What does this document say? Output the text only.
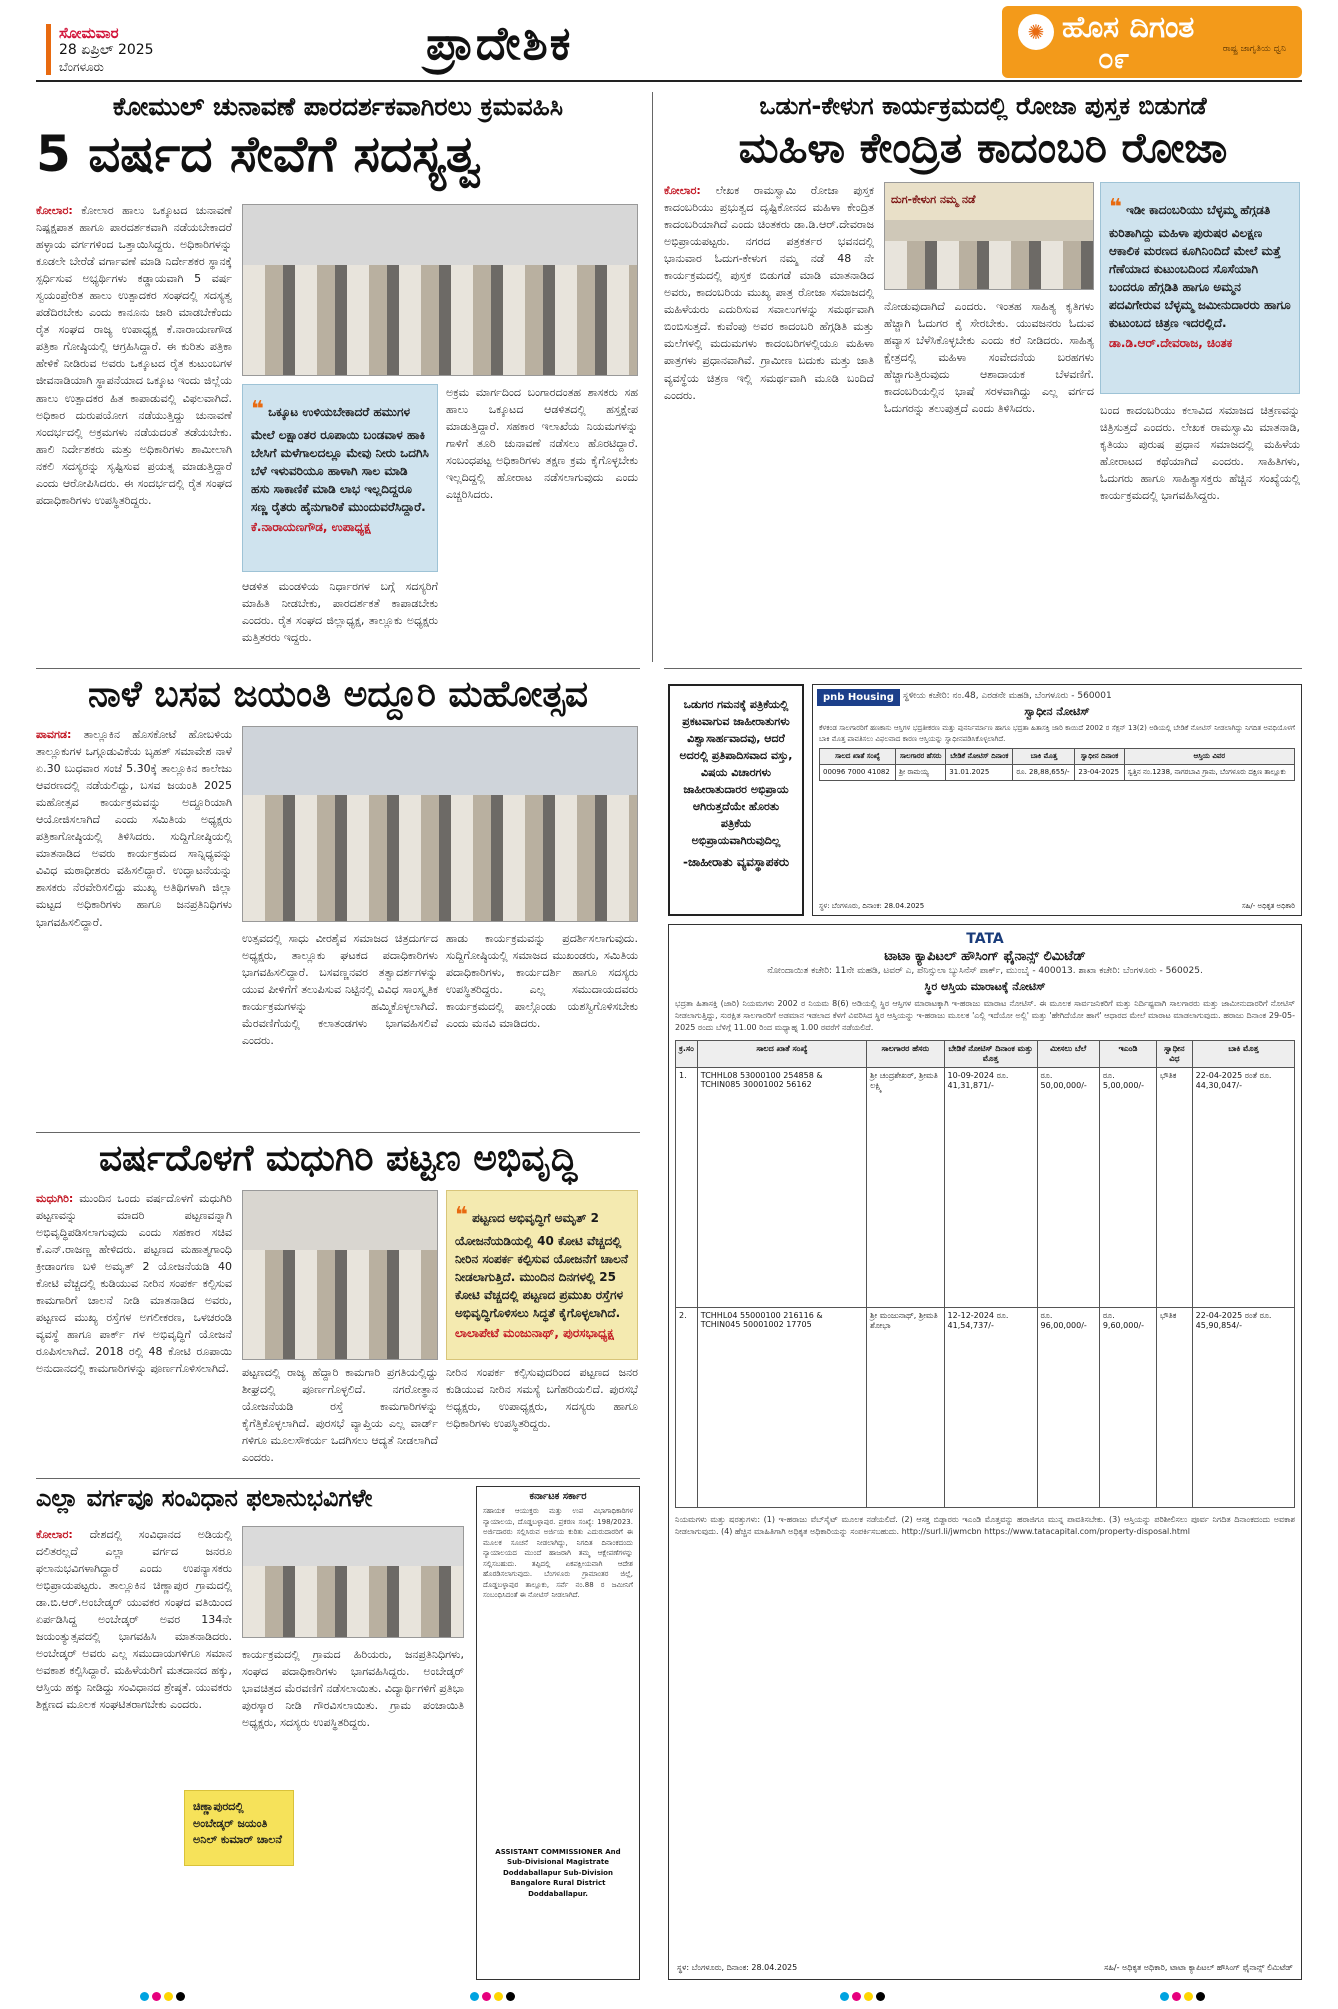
ಸೋಮವಾರ
28 ಏಪ್ರಿಲ್ 2025
ಬೆಂಗಳೂರು	ಪ್ರಾದೇಶಿಕ	✺ ಹೊಸ ದಿಗಂತ
೦೯	ರಾಷ್ಟ್ರ ಜಾಗೃತಿಯ ಧ್ವನಿ
ಕೋಮುಲ್ ಚುನಾವಣೆ ಪಾರದರ್ಶಕವಾಗಿರಲು ಕ್ರಮವಹಿಸಿ
5 ವರ್ಷದ ಸೇವೆಗೆ ಸದಸ್ಯತ್ವ
ಕೋಲಾರ: ಕೋಲಾರ ಹಾಲು ಒಕ್ಕೂಟದ ಚುನಾವಣೆ ನಿಷ್ಪಕ್ಷಪಾತ ಹಾಗೂ ಪಾರದರ್ಶಕವಾಗಿ ನಡೆಯಬೇಕಾದರೆ ಹಳ್ಳಾಯ ವರ್ಗಗಳಿಂದ ಒತ್ತಾಯಿಸಿದ್ದರು. ಅಧಿಕಾರಿಗಳನ್ನು ಕೂಡಲೇ ಬೇರೆಡೆ ವರ್ಗಾವಣೆ ಮಾಡಿ ನಿರ್ದೇಶಕರ ಸ್ಥಾನಕ್ಕೆ ಸ್ಪರ್ಧಿಸುವ ಅಭ್ಯರ್ಥಿಗಳು ಕಡ್ಡಾಯವಾಗಿ 5 ವರ್ಷ ಸ್ವಯಂಪ್ರೇರಿತ ಹಾಲು ಉತ್ಪಾದಕರ ಸಂಘದಲ್ಲಿ ಸದಸ್ಯತ್ವ ಪಡೆದಿರಬೇಕು ಎಂದು ಕಾನೂನು ಜಾರಿ ಮಾಡಬೇಕೆಂದು ರೈತ ಸಂಘದ ರಾಜ್ಯ ಉಪಾಧ್ಯಕ್ಷ ಕೆ.ನಾರಾಯಣಗೌಡ ಪತ್ರಿಕಾ ಗೋಷ್ಠಿಯಲ್ಲಿ ಆಗ್ರಹಿಸಿದ್ದಾರೆ. ಈ ಕುರಿತು ಪತ್ರಿಕಾ ಹೇಳಿಕೆ ನೀಡಿರುವ ಅವರು ಒಕ್ಕೂಟದ ರೈತ ಕುಟುಂಬಗಳ ಜೀವನಾಡಿಯಾಗಿ ಸ್ಥಾಪನೆಯಾದ ಒಕ್ಕೂಟ ಇಂದು ಜಿಲ್ಲೆಯ ಹಾಲು ಉತ್ಪಾದಕರ ಹಿತ ಕಾಪಾಡುವಲ್ಲಿ ವಿಫಲವಾಗಿದೆ. ಅಧಿಕಾರ ದುರುಪಯೋಗ ನಡೆಯುತ್ತಿದ್ದು ಚುನಾವಣೆ ಸಂದರ್ಭದಲ್ಲಿ ಅಕ್ರಮಗಳು ನಡೆಯದಂತೆ ತಡೆಯಬೇಕು. ಹಾಲಿ ನಿರ್ದೇಶಕರು ಮತ್ತು ಅಧಿಕಾರಿಗಳು ಶಾಮೀಲಾಗಿ ನಕಲಿ ಸದಸ್ಯರನ್ನು ಸೃಷ್ಟಿಸುವ ಪ್ರಯತ್ನ ಮಾಡುತ್ತಿದ್ದಾರೆ ಎಂದು ಆರೋಪಿಸಿದರು. ಈ ಸಂದರ್ಭದಲ್ಲಿ ರೈತ ಸಂಘದ ಪದಾಧಿಕಾರಿಗಳು ಉಪಸ್ಥಿತರಿದ್ದರು.
❝ ಒಕ್ಕೂಟ ಉಳಿಯಬೇಕಾದರೆ ಹಮುಗಳ ಮೇಲೆ ಲಕ್ಷಾಂತರ ರೂಪಾಯಿ ಬಂಡವಾಳ ಹಾಕಿ ಬೇಸಿಗೆ ಮಳೆಗಾಲದಲ್ಲೂ ಮೇವು ನೀರು ಒದಗಿಸಿ ಬೆಳೆ ಇಳುವರಿಯೂ ಹಾಳಾಗಿ ಸಾಲ ಮಾಡಿ ಹಸು ಸಾಕಾಣಿಕೆ ಮಾಡಿ ಲಾಭ ಇಲ್ಲದಿದ್ದರೂ ಸಣ್ಣ ರೈತರು ಹೈನುಗಾರಿಕೆ ಮುಂದುವರೆಸಿದ್ದಾರೆ.
ಕೆ.ನಾರಾಯಣಗೌಡ, ಉಪಾಧ್ಯಕ್ಷ
ಆಡಳಿತ ಮಂಡಳಿಯ ನಿರ್ಧಾರಗಳ ಬಗ್ಗೆ ಸದಸ್ಯರಿಗೆ ಮಾಹಿತಿ ನೀಡಬೇಕು, ಪಾರದರ್ಶಕತೆ ಕಾಪಾಡಬೇಕು ಎಂದರು. ರೈತ ಸಂಘದ ಜಿಲ್ಲಾಧ್ಯಕ್ಷ, ತಾಲ್ಲೂಕು ಅಧ್ಯಕ್ಷರು ಮತ್ತಿತರರು ಇದ್ದರು.
ಅಕ್ರಮ ಮಾರ್ಗದಿಂದ ಬಂಗಾರದಂತಹ ಶಾಸಕರು ಸಹ ಹಾಲು ಒಕ್ಕೂಟದ ಆಡಳಿತದಲ್ಲಿ ಹಸ್ತಕ್ಷೇಪ ಮಾಡುತ್ತಿದ್ದಾರೆ. ಸಹಕಾರ ಇಲಾಖೆಯ ನಿಯಮಗಳನ್ನು ಗಾಳಿಗೆ ತೂರಿ ಚುನಾವಣೆ ನಡೆಸಲು ಹೊರಟಿದ್ದಾರೆ. ಸಂಬಂಧಪಟ್ಟ ಅಧಿಕಾರಿಗಳು ತಕ್ಷಣ ಕ್ರಮ ಕೈಗೊಳ್ಳಬೇಕು ಇಲ್ಲದಿದ್ದಲ್ಲಿ ಹೋರಾಟ ನಡೆಸಲಾಗುವುದು ಎಂದು ಎಚ್ಚರಿಸಿದರು.
ಒಡುಗ-ಕೇಳುಗ ಕಾರ್ಯಕ್ರಮದಲ್ಲಿ ರೋಜಾ ಪುಸ್ತಕ ಬಿಡುಗಡೆ
ಮಹಿಳಾ ಕೇಂದ್ರಿತ ಕಾದಂಬರಿ ರೋಜಾ
ಕೋಲಾರ: ಲೇಖಕ ರಾಮಸ್ವಾಮಿ ರೋಜಾ ಪುಸ್ತಕ ಕಾದಂಬರಿಯು ಪ್ರಭುತ್ವದ ದೃಷ್ಟಿಕೋನದ ಮಹಿಳಾ ಕೇಂದ್ರಿತ ಕಾದಂಬರಿಯಾಗಿದೆ ಎಂದು ಚಿಂತಕರು ಡಾ.ಡಿ.ಆರ್.ದೇವರಾಜ ಅಭಿಪ್ರಾಯಪಟ್ಟರು. ನಗರದ ಪತ್ರಕರ್ತರ ಭವನದಲ್ಲಿ ಭಾನುವಾರ ಓದುಗ-ಕೇಳುಗ ನಮ್ಮ ನಡೆ 48 ನೇ ಕಾರ್ಯಕ್ರಮದಲ್ಲಿ ಪುಸ್ತಕ ಬಿಡುಗಡೆ ಮಾಡಿ ಮಾತನಾಡಿದ ಅವರು, ಕಾದಂಬರಿಯ ಮುಖ್ಯ ಪಾತ್ರ ರೋಜಾ ಸಮಾಜದಲ್ಲಿ ಮಹಿಳೆಯರು ಎದುರಿಸುವ ಸವಾಲುಗಳನ್ನು ಸಮರ್ಥವಾಗಿ ಬಿಂಬಿಸುತ್ತದೆ. ಕುವೆಂಪು ಅವರ ಕಾದಂಬರಿ ಹೆಗ್ಗಡಿತಿ ಮತ್ತು ಮಲೆಗಳಲ್ಲಿ ಮದುಮಗಳು ಕಾದಂಬರಿಗಳಲ್ಲಿಯೂ ಮಹಿಳಾ ಪಾತ್ರಗಳು ಪ್ರಧಾನವಾಗಿವೆ. ಗ್ರಾಮೀಣ ಬದುಕು ಮತ್ತು ಜಾತಿ ವ್ಯವಸ್ಥೆಯ ಚಿತ್ರಣ ಇಲ್ಲಿ ಸಮರ್ಥವಾಗಿ ಮೂಡಿ ಬಂದಿದೆ ಎಂದರು.
ದುಗ-ಕೇಳುಗ ನಮ್ಮ ನಡೆ	❝ ಇಡೀ ಕಾದಂಬರಿಯು ಬೆಳ್ಳಮ್ಮ ಹೆಗ್ಗಡತಿ ಕುರಿತಾಗಿದ್ದು ಮಹಿಳಾ ಪುರುಷರ ವಿಲಕ್ಷಣ ಆಕಾಲಿಕ ಮರಣದ ಕೂಗಿನಿಂದಿದೆ ಮೇಲೆ ಮತ್ತೆ ಗೆಣೆಯಾದ ಕುಟುಂಬದಿಂದ ಸೊಸೆಯಾಗಿ ಬಂದರೂ ಹೆಗ್ಗಡಿತಿ ಹಾಗೂ ಅಮ್ಮನ ಪದವಿಗೇರುವ ಬೆಳ್ಳಮ್ಮ ಜಮೀನುದಾರರು ಹಾಗೂ ಕುಟುಂಬದ ಚಿತ್ರಣ ಇದರಲ್ಲಿದೆ.
ಡಾ.ಡಿ.ಆರ್.ದೇವರಾಜ, ಚಿಂತಕ
ನೋಡುವುದಾಗಿದೆ ಎಂದರು. ಇಂತಹ ಸಾಹಿತ್ಯ ಕೃತಿಗಳು ಹೆಚ್ಚಾಗಿ ಓದುಗರ ಕೈ ಸೇರಬೇಕು. ಯುವಜನರು ಓದುವ ಹವ್ಯಾಸ ಬೆಳೆಸಿಕೊಳ್ಳಬೇಕು ಎಂದು ಕರೆ ನೀಡಿದರು. ಸಾಹಿತ್ಯ ಕ್ಷೇತ್ರದಲ್ಲಿ ಮಹಿಳಾ ಸಂವೇದನೆಯ ಬರಹಗಳು ಹೆಚ್ಚಾಗುತ್ತಿರುವುದು ಆಶಾದಾಯಕ ಬೆಳವಣಿಗೆ. ಕಾದಂಬರಿಯಲ್ಲಿನ ಭಾಷೆ ಸರಳವಾಗಿದ್ದು ಎಲ್ಲ ವರ್ಗದ ಓದುಗರನ್ನು ತಲುಪುತ್ತದೆ ಎಂದು ತಿಳಿಸಿದರು.	ಬಂದ ಕಾದಂಬರಿಯು ಕಲಾವಿದ ಸಮಾಜದ ಚಿತ್ರಣವನ್ನು ಚಿತ್ರಿಸುತ್ತದೆ ಎಂದರು. ಲೇಖಕ ರಾಮಸ್ವಾಮಿ ಮಾತನಾಡಿ, ಕೃತಿಯು ಪುರುಷ ಪ್ರಧಾನ ಸಮಾಜದಲ್ಲಿ ಮಹಿಳೆಯ ಹೋರಾಟದ ಕಥೆಯಾಗಿದೆ ಎಂದರು. ಸಾಹಿತಿಗಳು, ಓದುಗರು ಹಾಗೂ ಸಾಹಿತ್ಯಾಸಕ್ತರು ಹೆಚ್ಚಿನ ಸಂಖ್ಯೆಯಲ್ಲಿ ಕಾರ್ಯಕ್ರಮದಲ್ಲಿ ಭಾಗವಹಿಸಿದ್ದರು.
ನಾಳೆ ಬಸವ ಜಯಂತಿ ಅದ್ದೂರಿ ಮಹೋತ್ಸವ
ಪಾವಗಡ: ತಾಲ್ಲೂಕಿನ ಹೊಸಕೋಟೆ ಹೋಬಳಿಯ ತಾಲ್ಲೂಕುಗಳ ಒಗ್ಗೂಡುವಿಕೆಯ ಬೃಹತ್ ಸಮಾವೇಶ ನಾಳೆ ಏ.30 ಬುಧವಾರ ಸಂಜೆ 5.30ಕ್ಕೆ ತಾಲ್ಲೂಕಿನ ಕಾಲೇಜು ಆವರಣದಲ್ಲಿ ನಡೆಯಲಿದ್ದು, ಬಸವ ಜಯಂತಿ 2025 ಮಹೋತ್ಸವ ಕಾರ್ಯಕ್ರಮವನ್ನು ಅದ್ದೂರಿಯಾಗಿ ಆಯೋಜಿಸಲಾಗಿದೆ ಎಂದು ಸಮಿತಿಯ ಅಧ್ಯಕ್ಷರು ಪತ್ರಿಕಾಗೋಷ್ಠಿಯಲ್ಲಿ ತಿಳಿಸಿದರು. ಸುದ್ದಿಗೋಷ್ಠಿಯಲ್ಲಿ ಮಾತನಾಡಿದ ಅವರು ಕಾರ್ಯಕ್ರಮದ ಸಾನ್ನಿಧ್ಯವನ್ನು ವಿವಿಧ ಮಠಾಧೀಶರು ವಹಿಸಲಿದ್ದಾರೆ. ಉದ್ಘಾಟನೆಯನ್ನು ಶಾಸಕರು ನೆರವೇರಿಸಲಿದ್ದು ಮುಖ್ಯ ಅತಿಥಿಗಳಾಗಿ ಜಿಲ್ಲಾ ಮಟ್ಟದ ಅಧಿಕಾರಿಗಳು ಹಾಗೂ ಜನಪ್ರತಿನಿಧಿಗಳು ಭಾಗವಹಿಸಲಿದ್ದಾರೆ.
ಉತ್ಸವದಲ್ಲಿ ಸಾಧು ವೀರಶೈವ ಸಮಾಜದ ಚಿತ್ರದುರ್ಗದ ಅಧ್ಯಕ್ಷರು, ತಾಲ್ಲೂಕು ಘಟಕದ ಪದಾಧಿಕಾರಿಗಳು ಭಾಗವಹಿಸಲಿದ್ದಾರೆ. ಬಸವಣ್ಣನವರ ತತ್ವಾದರ್ಶಗಳನ್ನು ಯುವ ಪೀಳಿಗೆಗೆ ತಲುಪಿಸುವ ನಿಟ್ಟಿನಲ್ಲಿ ವಿವಿಧ ಸಾಂಸ್ಕೃತಿಕ ಕಾರ್ಯಕ್ರಮಗಳನ್ನು ಹಮ್ಮಿಕೊಳ್ಳಲಾಗಿದೆ. ಮೆರವಣಿಗೆಯಲ್ಲಿ ಕಲಾತಂಡಗಳು ಭಾಗವಹಿಸಲಿವೆ ಎಂದರು.
ಹಾಡು ಕಾರ್ಯಕ್ರಮವನ್ನು ಪ್ರದರ್ಶಿಸಲಾಗುವುದು. ಸುದ್ದಿಗೋಷ್ಠಿಯಲ್ಲಿ ಸಮಾಜದ ಮುಖಂಡರು, ಸಮಿತಿಯ ಪದಾಧಿಕಾರಿಗಳು, ಕಾರ್ಯದರ್ಶಿ ಹಾಗೂ ಸದಸ್ಯರು ಉಪಸ್ಥಿತರಿದ್ದರು. ಎಲ್ಲ ಸಮುದಾಯದವರು ಕಾರ್ಯಕ್ರಮದಲ್ಲಿ ಪಾಲ್ಗೊಂಡು ಯಶಸ್ವಿಗೊಳಿಸಬೇಕು ಎಂದು ಮನವಿ ಮಾಡಿದರು.
ವರ್ಷದೊಳಗೆ ಮಧುಗಿರಿ ಪಟ್ಟಣ ಅಭಿವೃದ್ಧಿ
ಮಧುಗಿರಿ: ಮುಂದಿನ ಒಂದು ವರ್ಷದೊಳಗೆ ಮಧುಗಿರಿ ಪಟ್ಟಣವನ್ನು ಮಾದರಿ ಪಟ್ಟಣವನ್ನಾಗಿ ಅಭಿವೃದ್ಧಿಪಡಿಸಲಾಗುವುದು ಎಂದು ಸಹಕಾರ ಸಚಿವ ಕೆ.ಎನ್.ರಾಜಣ್ಣ ಹೇಳಿದರು. ಪಟ್ಟಣದ ಮಹಾತ್ಮಗಾಂಧಿ ಕ್ರೀಡಾಂಗಣ ಬಳಿ ಅಮೃತ್ 2 ಯೋಜನೆಯಡಿ 40 ಕೋಟಿ ವೆಚ್ಚದಲ್ಲಿ ಕುಡಿಯುವ ನೀರಿನ ಸಂಪರ್ಕ ಕಲ್ಪಿಸುವ ಕಾಮಗಾರಿಗೆ ಚಾಲನೆ ನೀಡಿ ಮಾತನಾಡಿದ ಅವರು, ಪಟ್ಟಣದ ಮುಖ್ಯ ರಸ್ತೆಗಳ ಅಗಲೀಕರಣ, ಒಳಚರಂಡಿ ವ್ಯವಸ್ಥೆ ಹಾಗೂ ಪಾರ್ಕ್ ಗಳ ಅಭಿವೃದ್ಧಿಗೆ ಯೋಜನೆ ರೂಪಿಸಲಾಗಿದೆ. 2018 ರಲ್ಲಿ 48 ಕೋಟಿ ರೂಪಾಯಿ ಅನುದಾನದಲ್ಲಿ ಕಾಮಗಾರಿಗಳನ್ನು ಪೂರ್ಣಗೊಳಿಸಲಾಗಿದೆ.
❝ ಪಟ್ಟಣದ ಅಭಿವೃದ್ಧಿಗೆ ಅಮೃತ್ 2 ಯೋಜನೆಯಡಿಯಲ್ಲಿ 40 ಕೋಟಿ ವೆಚ್ಚದಲ್ಲಿ ನೀರಿನ ಸಂಪರ್ಕ ಕಲ್ಪಿಸುವ ಯೋಜನೆಗೆ ಚಾಲನೆ ನೀಡಲಾಗುತ್ತಿದೆ. ಮುಂದಿನ ದಿನಗಳಲ್ಲಿ 25 ಕೋಟಿ ವೆಚ್ಚದಲ್ಲಿ ಪಟ್ಟಣದ ಪ್ರಮುಖ ರಸ್ತೆಗಳ ಅಭಿವೃದ್ಧಿಗೊಳಿಸಲು ಸಿದ್ಧತೆ ಕೈಗೊಳ್ಳಲಾಗಿದೆ.
ಲಾಲಾಪೇಟೆ ಮಂಜುನಾಥ್, ಪುರಸಭಾಧ್ಯಕ್ಷ
ಪಟ್ಟಣದಲ್ಲಿ ರಾಜ್ಯ ಹೆದ್ದಾರಿ ಕಾಮಗಾರಿ ಪ್ರಗತಿಯಲ್ಲಿದ್ದು ಶೀಘ್ರದಲ್ಲಿ ಪೂರ್ಣಗೊಳ್ಳಲಿದೆ. ನಗರೋತ್ಥಾನ ಯೋಜನೆಯಡಿ ರಸ್ತೆ ಕಾಮಗಾರಿಗಳನ್ನು ಕೈಗೆತ್ತಿಕೊಳ್ಳಲಾಗಿದೆ. ಪುರಸಭೆ ವ್ಯಾಪ್ತಿಯ ಎಲ್ಲ ವಾರ್ಡ್ ಗಳಿಗೂ ಮೂಲಸೌಕರ್ಯ ಒದಗಿಸಲು ಆದ್ಯತೆ ನೀಡಲಾಗಿದೆ ಎಂದರು.
ನೀರಿನ ಸಂಪರ್ಕ ಕಲ್ಪಿಸುವುದರಿಂದ ಪಟ್ಟಣದ ಜನರ ಕುಡಿಯುವ ನೀರಿನ ಸಮಸ್ಯೆ ಬಗೆಹರಿಯಲಿದೆ. ಪುರಸಭೆ ಅಧ್ಯಕ್ಷರು, ಉಪಾಧ್ಯಕ್ಷರು, ಸದಸ್ಯರು ಹಾಗೂ ಅಧಿಕಾರಿಗಳು ಉಪಸ್ಥಿತರಿದ್ದರು.
ಎಲ್ಲಾ ವರ್ಗವೂ ಸಂವಿಧಾನ ಫಲಾನುಭವಿಗಳೇ
ಕೋಲಾರ: ದೇಶದಲ್ಲಿ ಸಂವಿಧಾನದ ಅಡಿಯಲ್ಲಿ ದಲಿತರಲ್ಲದೆ ಎಲ್ಲಾ ವರ್ಗದ ಜನರೂ ಫಲಾನುಭವಿಗಳಾಗಿದ್ದಾರೆ ಎಂದು ಉಪನ್ಯಾಸಕರು ಅಭಿಪ್ರಾಯಪಟ್ಟರು. ತಾಲ್ಲೂಕಿನ ಚಿಣ್ಣಾಪುರ ಗ್ರಾಮದಲ್ಲಿ ಡಾ.ಬಿ.ಆರ್.ಅಂಬೇಡ್ಕರ್ ಯುವಕರ ಸಂಘದ ವತಿಯಿಂದ ಏರ್ಪಡಿಸಿದ್ದ ಅಂಬೇಡ್ಕರ್ ಅವರ 134ನೇ ಜಯಂತ್ಯುತ್ಸವದಲ್ಲಿ ಭಾಗವಹಿಸಿ ಮಾತನಾಡಿದರು. ಅಂಬೇಡ್ಕರ್ ಅವರು ಎಲ್ಲ ಸಮುದಾಯಗಳಿಗೂ ಸಮಾನ ಅವಕಾಶ ಕಲ್ಪಿಸಿದ್ದಾರೆ. ಮಹಿಳೆಯರಿಗೆ ಮತದಾನದ ಹಕ್ಕು, ಆಸ್ತಿಯ ಹಕ್ಕು ನೀಡಿದ್ದು ಸಂವಿಧಾನದ ಶ್ರೇಷ್ಠತೆ. ಯುವಕರು ಶಿಕ್ಷಣದ ಮೂಲಕ ಸಂಘಟಿತರಾಗಬೇಕು ಎಂದರು.
ಕಾರ್ಯಕ್ರಮದಲ್ಲಿ ಗ್ರಾಮದ ಹಿರಿಯರು, ಜನಪ್ರತಿನಿಧಿಗಳು, ಸಂಘದ ಪದಾಧಿಕಾರಿಗಳು ಭಾಗವಹಿಸಿದ್ದರು. ಅಂಬೇಡ್ಕರ್ ಭಾವಚಿತ್ರದ ಮೆರವಣಿಗೆ ನಡೆಸಲಾಯಿತು. ವಿದ್ಯಾರ್ಥಿಗಳಿಗೆ ಪ್ರತಿಭಾ ಪುರಸ್ಕಾರ ನೀಡಿ ಗೌರವಿಸಲಾಯಿತು. ಗ್ರಾಮ ಪಂಚಾಯಿತಿ ಅಧ್ಯಕ್ಷರು, ಸದಸ್ಯರು ಉಪಸ್ಥಿತರಿದ್ದರು.
ಚಿಣ್ಣಾಪುರದಲ್ಲಿ ಅಂಬೇಡ್ಕರ್ ಜಯಂತಿ ಅನಿಲ್ ಕುಮಾರ್ ಚಾಲನೆ
ಕರ್ನಾಟಕ ಸರ್ಕಾರ
ಸಹಾಯಕ ಆಯುಕ್ತರು ಮತ್ತು ಉಪ ವಿಭಾಗಾಧಿಕಾರಿಗಳ ನ್ಯಾಯಾಲಯ, ದೊಡ್ಡಬಳ್ಳಾಪುರ. ಪ್ರಕರಣ ಸಂಖ್ಯೆ: 198/2023. ಅರ್ಜಿದಾರರು ಸಲ್ಲಿಸಿರುವ ಅರ್ಜಿಯ ಕುರಿತು ಎದುರುದಾರರಿಗೆ ಈ ಮೂಲಕ ಸೂಚನೆ ನೀಡಲಾಗಿದ್ದು, ನಿಗದಿತ ದಿನಾಂಕದಂದು ನ್ಯಾಯಾಲಯದ ಮುಂದೆ ಹಾಜರಾಗಿ ತಮ್ಮ ಆಕ್ಷೇಪಣೆಗಳನ್ನು ಸಲ್ಲಿಸಬಹುದು. ತಪ್ಪಿದಲ್ಲಿ ಏಕಪಕ್ಷೀಯವಾಗಿ ಆದೇಶ ಹೊರಡಿಸಲಾಗುವುದು. ಬೆಂಗಳೂರು ಗ್ರಾಮಾಂತರ ಜಿಲ್ಲೆ, ದೊಡ್ಡಬಳ್ಳಾಪುರ ತಾಲ್ಲೂಕು, ಸರ್ವೆ ನಂ.88 ರ ಜಮೀನಿಗೆ ಸಂಬಂಧಿಸಿದಂತೆ ಈ ನೋಟಿಸ್ ನೀಡಲಾಗಿದೆ.
ASSISTANT COMMISSIONER And
Sub-Divisional Magistrate
Doddaballapur Sub-Division
Bangalore Rural District Doddaballapur.
ಒಡುಗರ ಗಮನಕ್ಕೆ ಪತ್ರಿಕೆಯಲ್ಲಿ ಪ್ರಕಟವಾಗುವ ಜಾಹೀರಾತುಗಳು ವಿಶ್ವಾಸಾರ್ಹವಾದವು, ಆದರೆ ಅದರಲ್ಲಿ ಪ್ರತಿಪಾದಿಸವಾದ ವಸ್ತು, ವಿಷಯ ವಿಚಾರಗಳು ಜಾಹೀರಾತುದಾರರ ಅಭಿಪ್ರಾಯ ಆಗಿರುತ್ತದೆಯೇ ಹೊರತು ಪತ್ರಿಕೆಯ ಅಭಿಪ್ರಾಯವಾಗಿರುವುದಿಲ್ಲ
-ಜಾಹೀರಾತು ವ್ಯವಸ್ಥಾಪಕರು
pnb Housing	ಸ್ಥಳೀಯ ಕಚೇರಿ: ನಂ.48, ಎರಡನೇ ಮಹಡಿ, ಬೆಂಗಳೂರು - 560001
ಸ್ವಾಧೀನ ನೋಟಿಸ್
ಕೆಳಕಂಡ ಸಾಲಗಾರರಿಗೆ ಹಣಕಾಸು ಆಸ್ತಿಗಳ ಭದ್ರತೀಕರಣ ಮತ್ತು ಪುನರ್ನಿರ್ಮಾಣ ಹಾಗೂ ಭದ್ರತಾ ಹಿತಾಸಕ್ತಿ ಜಾರಿ ಕಾಯಿದೆ 2002 ರ ಸೆಕ್ಷನ್ 13(2) ಅಡಿಯಲ್ಲಿ ಬೇಡಿಕೆ ನೋಟಿಸ್ ನೀಡಲಾಗಿದ್ದು ನಿಗದಿತ ಅವಧಿಯೊಳಗೆ ಬಾಕಿ ಮೊತ್ತ ಪಾವತಿಸಲು ವಿಫಲವಾದ ಕಾರಣ ಆಸ್ತಿಯನ್ನು ಸ್ವಾಧೀನಪಡಿಸಿಕೊಳ್ಳಲಾಗಿದೆ.
ಸಾಲದ ಖಾತೆ ಸಂಖ್ಯೆ	ಸಾಲಗಾರರ ಹೆಸರು	ಬೇಡಿಕೆ ನೋಟಿಸ್ ದಿನಾಂಕ	ಬಾಕಿ ಮೊತ್ತ	ಸ್ವಾಧೀನ ದಿನಾಂಕ	ಆಸ್ತಿಯ ವಿವರ
00096 7000 41082	ಶ್ರೀ ರಾಮಯ್ಯ	31.01.2025	ರೂ. 28,88,655/-	23-04-2025	ಸ್ವತ್ತಿನ ನಂ.1238, ನಾಗರಬಾವಿ ಗ್ರಾಮ, ಬೆಂಗಳೂರು ದಕ್ಷಿಣ ತಾಲ್ಲೂಕು
ಸ್ಥಳ: ಬೆಂಗಳೂರು, ದಿನಾಂಕ: 28.04.2025	ಸಹಿ/- ಅಧಿಕೃತ ಅಧಿಕಾರಿ
TATA
ಟಾಟಾ ಕ್ಯಾಪಿಟಲ್ ಹೌಸಿಂಗ್ ಫೈನಾನ್ಸ್ ಲಿಮಿಟೆಡ್
ನೋಂದಾಯಿತ ಕಚೇರಿ: 11ನೇ ಮಹಡಿ, ಟವರ್ ಎ, ಪೆನಿನ್ಸುಲಾ ಬ್ಯುಸಿನೆಸ್ ಪಾರ್ಕ್, ಮುಂಬೈ - 400013. ಶಾಖಾ ಕಚೇರಿ: ಬೆಂಗಳೂರು - 560025.
ಸ್ಥಿರ ಆಸ್ತಿಯ ಮಾರಾಟಕ್ಕೆ ನೋಟಿಸ್
ಭದ್ರತಾ ಹಿತಾಸಕ್ತಿ (ಜಾರಿ) ನಿಯಮಗಳು 2002 ರ ನಿಯಮ 8(6) ಅಡಿಯಲ್ಲಿ ಸ್ಥಿರ ಆಸ್ತಿಗಳ ಮಾರಾಟಕ್ಕಾಗಿ ಇ-ಹರಾಜು ಮಾರಾಟ ನೋಟಿಸ್. ಈ ಮೂಲಕ ಸಾರ್ವಜನಿಕರಿಗೆ ಮತ್ತು ನಿರ್ದಿಷ್ಟವಾಗಿ ಸಾಲಗಾರರು ಮತ್ತು ಜಾಮೀನುದಾರರಿಗೆ ನೋಟಿಸ್ ನೀಡಲಾಗುತ್ತಿದ್ದು, ಸುರಕ್ಷಿತ ಸಾಲಗಾರರಿಗೆ ಅಡಮಾನ ಇಡಲಾದ ಕೆಳಗೆ ವಿವರಿಸಿದ ಸ್ಥಿರ ಆಸ್ತಿಯನ್ನು ಇ-ಹರಾಜು ಮೂಲಕ 'ಎಲ್ಲಿ ಇದೆಯೋ ಅಲ್ಲಿ' ಮತ್ತು 'ಹೇಗಿದೆಯೋ ಹಾಗೆ' ಆಧಾರದ ಮೇಲೆ ಮಾರಾಟ ಮಾಡಲಾಗುವುದು. ಹರಾಜು ದಿನಾಂಕ 29-05-2025 ರಂದು ಬೆಳಿಗ್ಗೆ 11.00 ರಿಂದ ಮಧ್ಯಾಹ್ನ 1.00 ರವರೆಗೆ ನಡೆಯಲಿದೆ.
ಕ್ರ.ಸಂ	ಸಾಲದ ಖಾತೆ ಸಂಖ್ಯೆ	ಸಾಲಗಾರರ ಹೆಸರು	ಬೇಡಿಕೆ ನೋಟಿಸ್ ದಿನಾಂಕ ಮತ್ತು ಮೊತ್ತ	ಮೀಸಲು ಬೆಲೆ	ಇಎಂಡಿ	ಸ್ವಾಧೀನ ವಿಧ	ಬಾಕಿ ಮೊತ್ತ
1.	TCHHL08 53000100 254858 & TCHIN085 30001002 56162	ಶ್ರೀ ಚಂದ್ರಶೇಖರ್, ಶ್ರೀಮತಿ ಲಕ್ಷ್ಮಿ	10-09-2024 ರೂ. 41,31,871/-	ರೂ. 50,00,000/-	ರೂ. 5,00,000/-	ಭೌತಿಕ	22-04-2025 ರಂತೆ ರೂ. 44,30,047/-
2.	TCHHL04 55000100 216116 & TCHIN045 50001002 17705	ಶ್ರೀ ಮಂಜುನಾಥ್, ಶ್ರೀಮತಿ ಶೋಭಾ	12-12-2024 ರೂ. 41,54,737/-	ರೂ. 96,00,000/-	ರೂ. 9,60,000/-	ಭೌತಿಕ	22-04-2025 ರಂತೆ ರೂ. 45,90,854/-
ನಿಯಮಗಳು ಮತ್ತು ಷರತ್ತುಗಳು: (1) ಇ-ಹರಾಜು ವೆಬ್‌ಸೈಟ್ ಮೂಲಕ ನಡೆಯಲಿದೆ. (2) ಆಸಕ್ತ ಬಿಡ್ದಾರರು ಇಎಂಡಿ ಮೊತ್ತವನ್ನು ಹರಾಜಿಗೂ ಮುನ್ನ ಪಾವತಿಸಬೇಕು. (3) ಆಸ್ತಿಯನ್ನು ಪರಿಶೀಲಿಸಲು ಪೂರ್ವ ನಿಗದಿತ ದಿನಾಂಕದಂದು ಅವಕಾಶ ನೀಡಲಾಗುವುದು. (4) ಹೆಚ್ಚಿನ ಮಾಹಿತಿಗಾಗಿ ಅಧಿಕೃತ ಅಧಿಕಾರಿಯನ್ನು ಸಂಪರ್ಕಿಸಬಹುದು. http://surl.li/jwmcbn https://www.tatacapital.com/property-disposal.html
ಸ್ಥಳ: ಬೆಂಗಳೂರು, ದಿನಾಂಕ: 28.04.2025	ಸಹಿ/- ಅಧಿಕೃತ ಅಧಿಕಾರಿ, ಟಾಟಾ ಕ್ಯಾಪಿಟಲ್ ಹೌಸಿಂಗ್ ಫೈನಾನ್ಸ್ ಲಿಮಿಟೆಡ್
